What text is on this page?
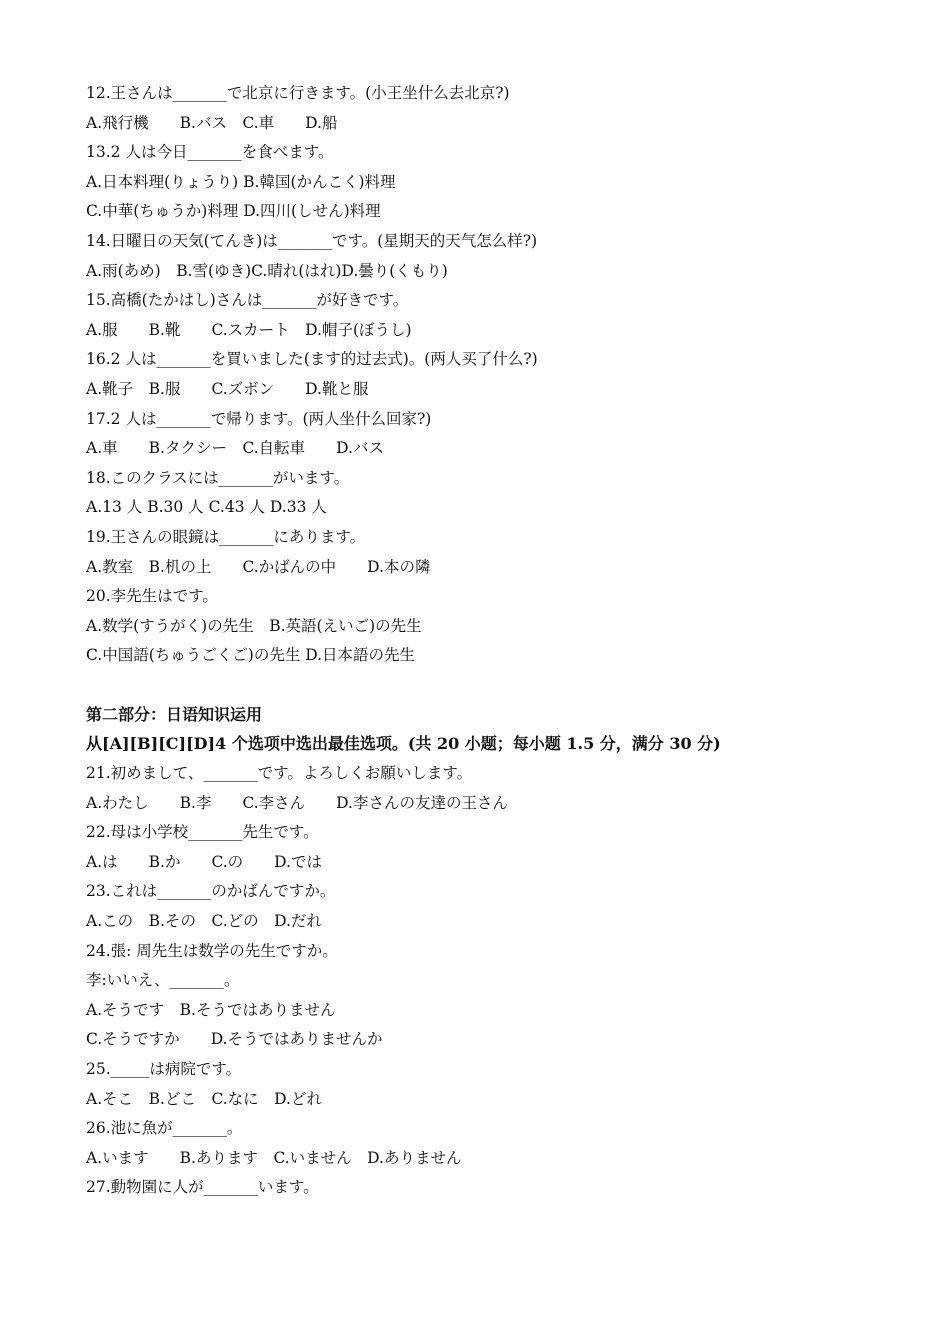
12.王さんは_______で北京に行きます。(小王坐什么去北京?)
A.飛行機　　B.バス　C.車　　D.船
13.2 人は今日_______を食べます。
A.日本料理(りょうり) B.韓国(かんこく)料理
C.中華(ちゅうか)料理 D.四川(しせん)料理
14.日曜日の天気(てんき)は_______です。(星期天的天气怎么样?)
A.雨(あめ)　B.雪(ゆき)C.晴れ(はれ)D.曇り(くもり)
15.高橋(たかはし)さんは_______が好きです。
A.服　　B.靴　　C.スカート　D.帽子(ぼうし)
16.2 人は_______を買いました(ます的过去式)。(两人买了什么?)
A.靴子　B.服　　C.ズボン　　D.靴と服
17.2 人は_______で帰ります。(两人坐什么回家?)
A.車　　B.タクシー　C.自転車　　D.バス
18.このクラスには_______がいます。
A.13 人 B.30 人 C.43 人 D.33 人
19.王さんの眼鏡は_______にあります。
A.教室　B.机の上　　C.かばんの中　　D.本の隣
20.李先生はです。
A.数学(すうがく)の先生　B.英語(えいご)の先生
C.中国語(ちゅうごくご)の先生 D.日本語の先生
第二部分：日语知识运用
从[A][B][C][D]4 个选项中选出最佳选项。(共 20 小题；每小题 1.5 分，满分 30 分)
21.初めまして、_______です。よろしくお願いします。
A.わたし　　B.李　　C.李さん　　D.李さんの友達の王さん
22.母は小学校_______先生です。
A.は　　B.か　　C.の　　D.では
23.これは_______のかばんですか。
A.この　B.その　C.どの　D.だれ
24.張: 周先生は数学の先生ですか。
李:いいえ、_______。
A.そうです　B.そうではありません
C.そうですか　　D.そうではありませんか
25._____は病院です。
A.そこ　B.どこ　C.なに　D.どれ
26.池に魚が_______。
A.います　　B.あります　C.いません　D.ありません
27.動物園に人が_______います。
